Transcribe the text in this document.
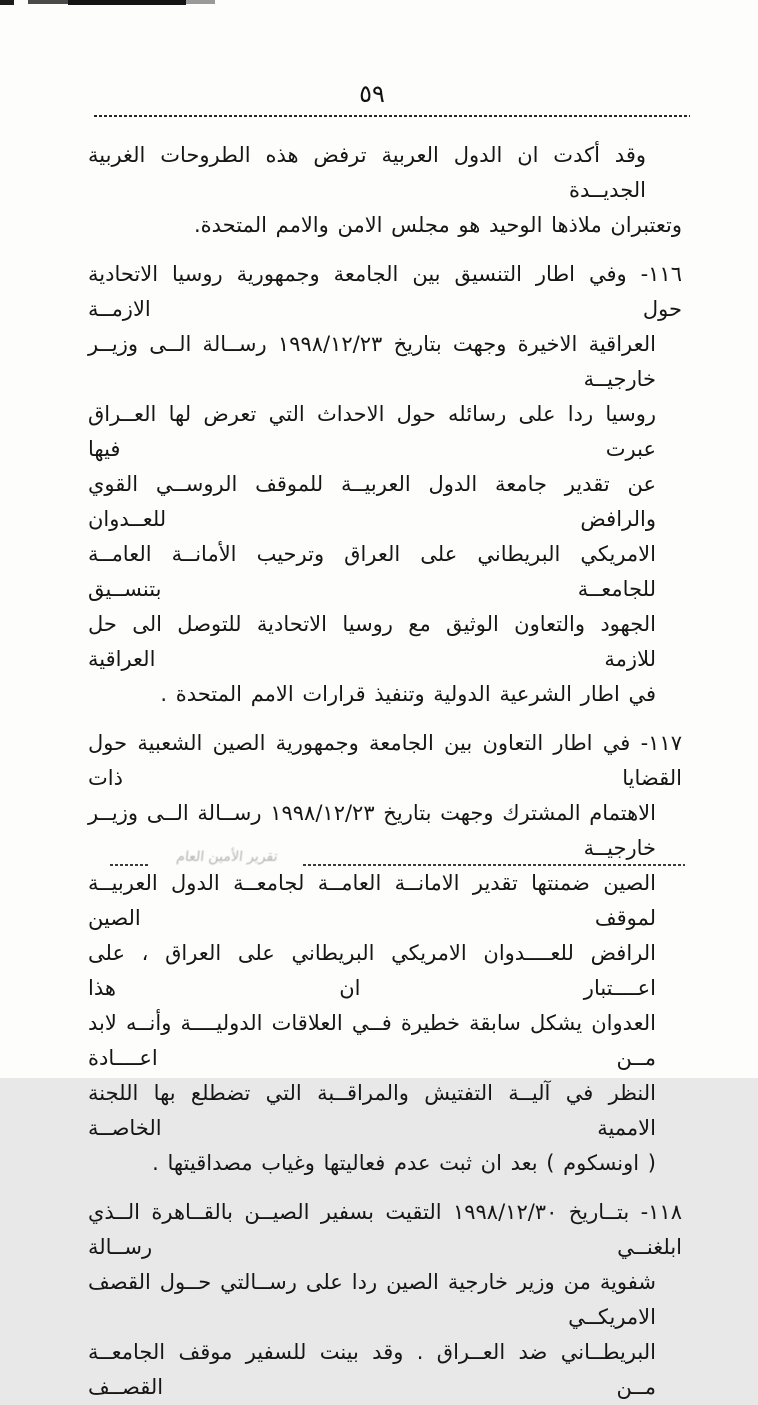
٥٩
وقد أكدت ان الدول العربية ترفض هذه الطروحات الغربية الجديــدة
وتعتبران ملاذها الوحيد هو مجلس الامن والامم المتحدة.
١١٦- وفي اطار التنسيق بين الجامعة وجمهورية روسيا الاتحادية حول الازمــة
العراقية الاخيرة وجهت بتاريخ ١٩٩٨/١٢/٢٣ رســالة الــى وزيــر خارجيــة
روسيا ردا على رسائله حول الاحداث التي تعرض لها العــراق عبرت فيها
عن تقدير جامعة الدول العربيــة للموقف الروســي القوي والرافض للعــدوان
الامريكي البريطاني على العراق وترحيب الأمانــة العامــة للجامعــة بتنســيق
الجهود والتعاون الوثيق مع روسيا الاتحادية للتوصل الى حل للازمة العراقية
في اطار الشرعية الدولية وتنفيذ قرارات الامم المتحدة .
١١٧- في اطار التعاون بين الجامعة وجمهورية الصين الشعبية حول القضايا ذات
الاهتمام المشترك وجهت بتاريخ ١٩٩٨/١٢/٢٣ رســالة الــى وزيــر خارجيــة
الصين ضمنتها تقدير الامانــة العامــة لجامعــة الدول العربيــة لموقف الصين
الرافض للعــــدوان الامريكي البريطاني على العراق ، على اعــــتبار ان هذا
العدوان يشكل سابقة خطيرة فــي العلاقات الدوليــــة وأنــه لابد مــن اعــــادة
النظر في آليــة التفتيش والمراقــبة التي تضطلع بها اللجنة الاممية الخاصــة
( اونسكوم ) بعد ان ثبت عدم فعاليتها وغياب مصداقيتها .
١١٨- بتــاريخ ١٩٩٨/١٢/٣٠ التقيت بسفير الصيــن بالقــاهرة الــذي ابلغنــي رســالة
شفوية من وزير خارجية الصين ردا على رســالتي حــول القصف الامريكــي
البريطــاني ضد العــراق . وقد بينت للسفير موقف الجامعــة مــن القصــف
تقرير الأمين العام
